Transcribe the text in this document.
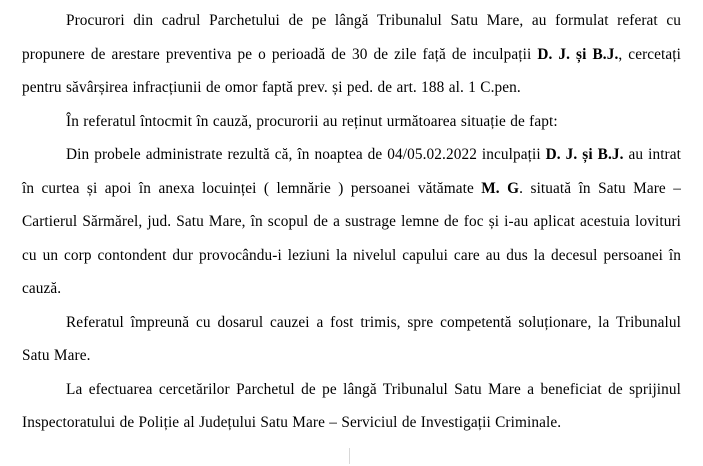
Procurori din cadrul Parchetului de pe lângă Tribunalul Satu Mare, au formulat referat cu propunere de arestare preventiva pe o perioadă de 30 de zile față de inculpații D. J. și B.J., cercetați pentru săvârșirea infracțiunii de omor faptă prev. și ped. de art. 188 al. 1 C.pen.

În referatul întocmit în cauză, procurorii au reținut următoarea situație de fapt:

Din probele administrate rezultă că, în noaptea de 04/05.02.2022 inculpații D. J. și B.J. au intrat în curtea și apoi în anexa locuinței ( lemnărie ) persoanei vătămate M. G. situată în Satu Mare – Cartierul Sărmărel, jud. Satu Mare, în scopul de a sustrage lemne de foc și i-au aplicat acestuia lovituri cu un corp contondent dur provocându-i leziuni la nivelul capului care au dus la decesul persoanei în cauză.

Referatul împreună cu dosarul cauzei a fost trimis, spre competentă soluționare, la Tribunalul Satu Mare.

La efectuarea cercetărilor Parchetul de pe lângă Tribunalul Satu Mare a beneficiat de sprijinul Inspectoratului de Poliție al Județului Satu Mare – Serviciul de Investigații Criminale.
